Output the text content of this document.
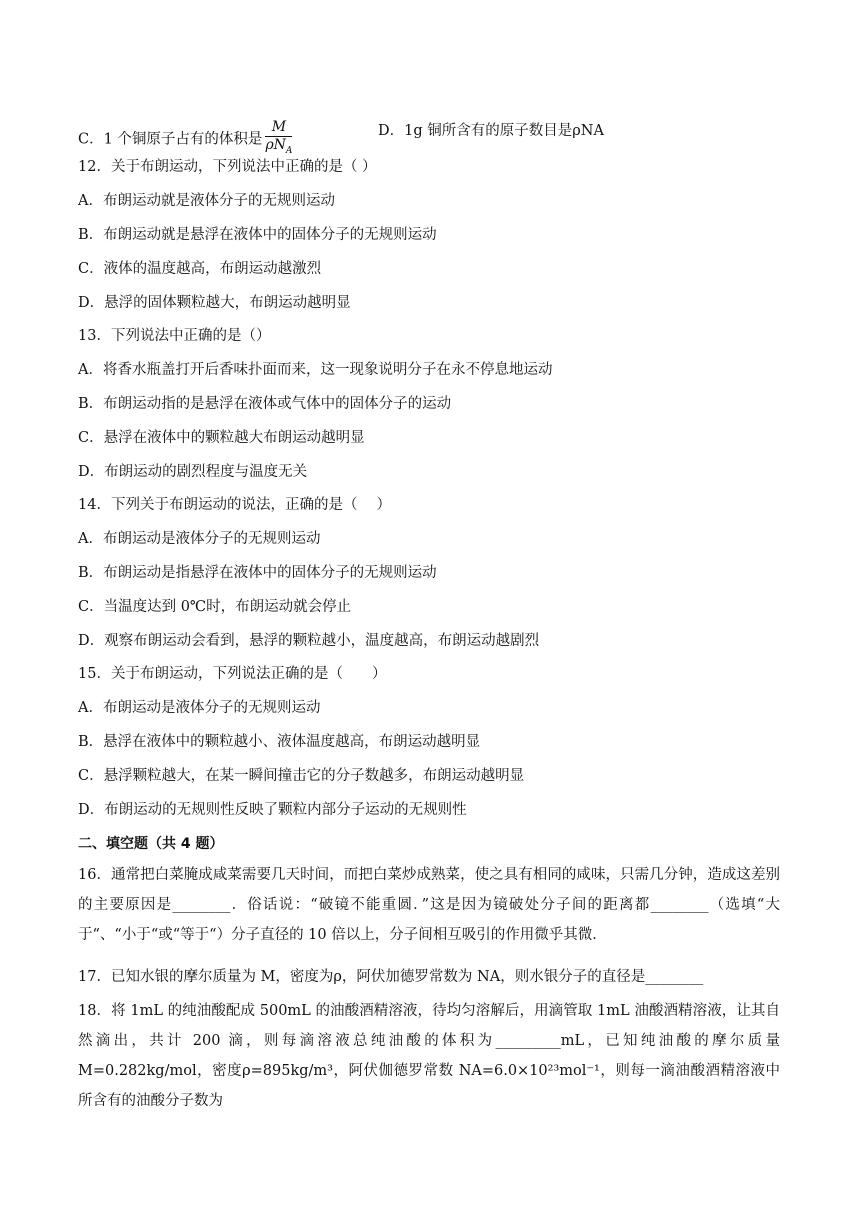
C．1 个铜原子占有的体积是 $\frac{M}{\rho N_A}$	D．1g 铜所含有的原子数目是ρNA
12．关于布朗运动，下列说法中正确的是（ ）
A．布朗运动就是液体分子的无规则运动
B．布朗运动就是悬浮在液体中的固体分子的无规则运动
C．液体的温度越高，布朗运动越激烈
D．悬浮的固体颗粒越大，布朗运动越明显
13．下列说法中正确的是（）
A．将香水瓶盖打开后香味扑面而来，这一现象说明分子在永不停息地运动
B．布朗运动指的是悬浮在液体或气体中的固体分子的运动
C．悬浮在液体中的颗粒越大布朗运动越明显
D．布朗运动的剧烈程度与温度无关
14．下列关于布朗运动的说法，正确的是（　 ）
A．布朗运动是液体分子的无规则运动
B．布朗运动是指悬浮在液体中的固体分子的无规则运动
C．当温度达到 0℃时，布朗运动就会停止
D．观察布朗运动会看到，悬浮的颗粒越小，温度越高，布朗运动越剧烈
15．关于布朗运动，下列说法正确的是（　　）
A．布朗运动是液体分子的无规则运动
B．悬浮在液体中的颗粒越小、液体温度越高，布朗运动越明显
C．悬浮颗粒越大，在某一瞬间撞击它的分子数越多，布朗运动越明显
D．布朗运动的无规则性反映了颗粒内部分子运动的无规则性
二、填空题（共 4 题）
16．通常把白菜腌成咸菜需要几天时间，而把白菜炒成熟菜，使之具有相同的咸味，只需几分钟，造成这差别的主要原因是________．俗话说：“破镜不能重圆．”这是因为镜破处分子间的距离都________（选填“大于“、“小于“或“等于“）分子直径的 10 倍以上，分子间相互吸引的作用微乎其微．
17．已知水银的摩尔质量为 M，密度为ρ，阿伏加德罗常数为 NA，则水银分子的直径是________
18．将 1mL 的纯油酸配成 500mL 的油酸酒精溶液，待均匀溶解后，用滴管取 1mL 油酸酒精溶液，让其自然滴出，共计 200 滴，则每滴溶液总纯油酸的体积为_________mL，已知纯油酸的摩尔质量 M=0.282kg/mol，密度ρ=895kg/m³，阿伏伽德罗常数 NA=6.0×10²³mol⁻¹，则每一滴油酸酒精溶液中所含有的油酸分子数为
